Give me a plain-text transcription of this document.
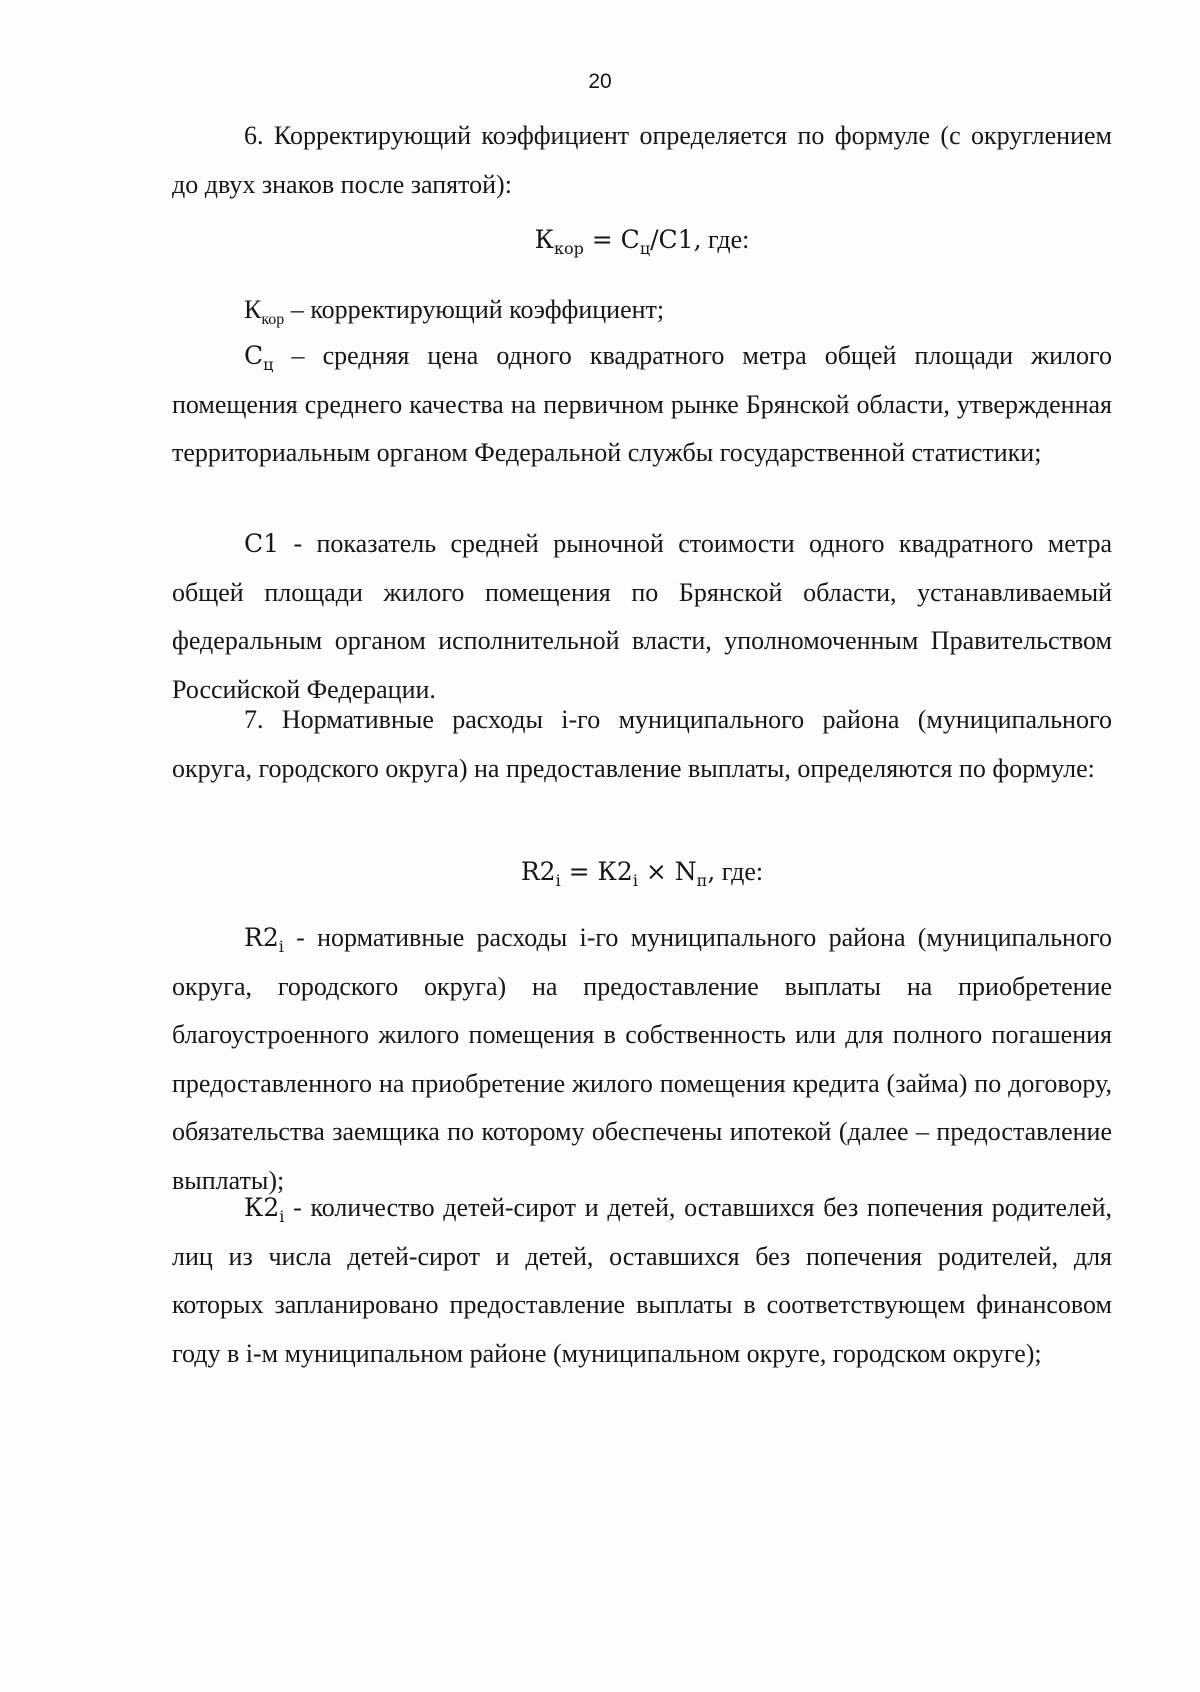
20

6. Корректирующий коэффициент определяется по формуле (с округлением до двух знаков после запятой):

$К_{кор} = С_ц/С1$, где:

$К_{кор}$ – корректирующий коэффициент;

$С_ц$ – средняя цена одного квадратного метра общей площади жилого помещения среднего качества на первичном рынке Брянской области, утвержденная территориальным органом Федеральной службы государственной статистики;

С1 - показатель средней рыночной стоимости одного квадратного метра общей площади жилого помещения по Брянской области, устанавливаемый федеральным органом исполнительной власти, уполномоченным Правительством Российской Федерации.

7. Нормативные расходы i-го муниципального района (муниципального округа, городского округа) на предоставление выплаты, определяются по формуле:

$R2_i = К2_i \times N_п$, где:

$R2_i$ - нормативные расходы i-го муниципального района (муниципального округа, городского округа) на предоставление выплаты на приобретение благоустроенного жилого помещения в собственность или для полного погашения предоставленного на приобретение жилого помещения кредита (займа) по договору, обязательства заемщика по которому обеспечены ипотекой (далее – предоставление выплаты);

$К2_i$ - количество детей-сирот и детей, оставшихся без попечения родителей, лиц из числа детей-сирот и детей, оставшихся без попечения родителей, для которых запланировано предоставление выплаты в соответствующем финансовом году в i-м муниципальном районе (муниципальном округе, городском округе);
